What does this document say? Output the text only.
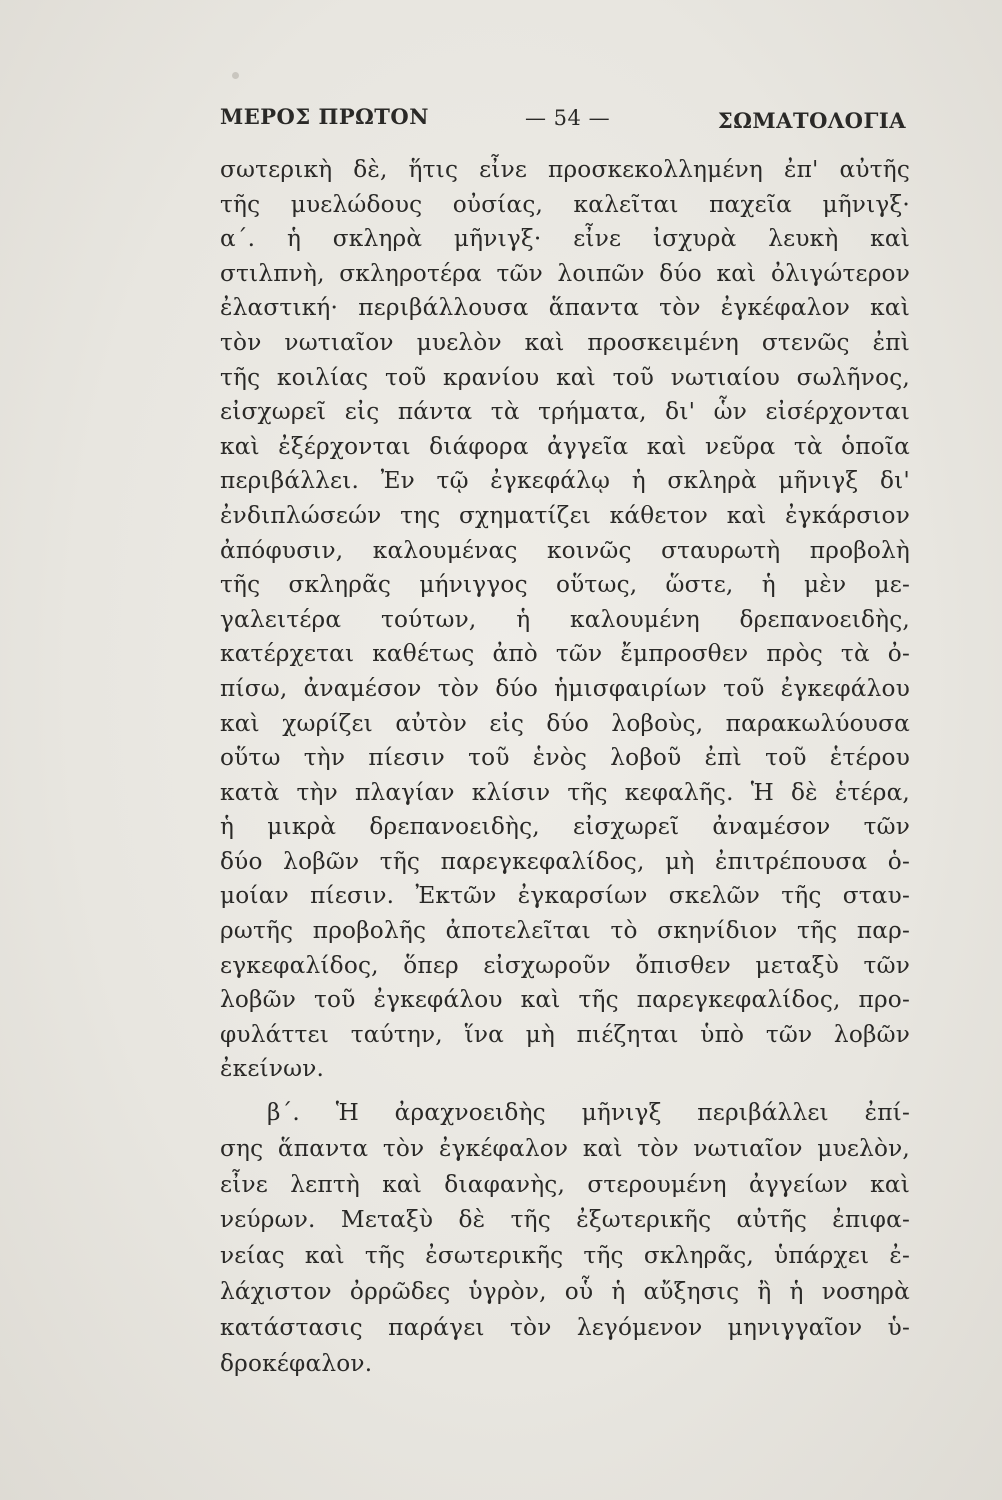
ΜΕΡΟΣ ΠΡΩΤΟΝ	— 54 —	ΣΩΜΑΤΟΛΟΓΙΑ
σωτερικὴ δὲ, ἥτις εἶνε προσκεκολλημένη ἐπ' αὐτῆς
τῆς μυελώδους οὐσίας, καλεῖται παχεῖα μῆνιγξ·
α΄. ἡ σκληρὰ μῆνιγξ· εἶνε ἰσχυρὰ λευκὴ καὶ
στιλπνὴ, σκληροτέρα τῶν λοιπῶν δύο καὶ ὀλιγώτερον
ἐλαστική· περιβάλλουσα ἅπαντα τὸν ἐγκέφαλον καὶ
τὸν νωτιαῖον μυελὸν καὶ προσκειμένη στενῶς ἐπὶ
τῆς κοιλίας τοῦ κρανίου καὶ τοῦ νωτιαίου σωλῆνος,
εἰσχωρεῖ εἰς πάντα τὰ τρήματα, δι' ὧν εἰσέρχονται
καὶ ἐξέρχονται διάφορα ἀγγεῖα καὶ νεῦρα τὰ ὁποῖα
περιβάλλει. Ἐν τῷ ἐγκεφάλῳ ἡ σκληρὰ μῆνιγξ δι'
ἐνδιπλώσεών της σχηματίζει κάθετον καὶ ἐγκάρσιον
ἀπόφυσιν, καλουμένας κοινῶς σταυρωτὴ προβολὴ
τῆς σκληρᾶς μήνιγγος οὕτως, ὥστε, ἡ μὲν με-
γαλειτέρα τούτων, ἡ καλουμένη δρεπανοειδὴς,
κατέρχεται καθέτως ἀπὸ τῶν ἔμπροσθεν πρὸς τὰ ὀ-
πίσω, ἀναμέσον τὸν δύο ἡμισφαιρίων τοῦ ἐγκεφάλου
καὶ χωρίζει αὐτὸν εἰς δύο λοβοὺς, παρακωλύουσα
οὕτω τὴν πίεσιν τοῦ ἑνὸς λοβοῦ ἐπὶ τοῦ ἑτέρου
κατὰ τὴν πλαγίαν κλίσιν τῆς κεφαλῆς. Ἡ δὲ ἑτέρα,
ἡ μικρὰ δρεπανοειδὴς, εἰσχωρεῖ ἀναμέσον τῶν
δύο λοβῶν τῆς παρεγκεφαλίδος, μὴ ἐπιτρέπουσα ὁ-
μοίαν πίεσιν. Ἐκτῶν ἐγκαρσίων σκελῶν τῆς σταυ-
ρωτῆς προβολῆς ἀποτελεῖται τὸ σκηνίδιον τῆς παρ-
εγκεφαλίδος, ὅπερ εἰσχωροῦν ὄπισθεν μεταξὺ τῶν
λοβῶν τοῦ ἐγκεφάλου καὶ τῆς παρεγκεφαλίδος, προ-
φυλάττει ταύτην, ἵνα μὴ πιέζηται ὑπὸ τῶν λοβῶν
ἐκείνων.
β΄. Ἡ ἀραχνοειδὴς μῆνιγξ περιβάλλει ἐπί-
σης ἅπαντα τὸν ἐγκέφαλον καὶ τὸν νωτιαῖον μυελὸν,
εἶνε λεπτὴ καὶ διαφανὴς, στερουμένη ἀγγείων καὶ
νεύρων. Μεταξὺ δὲ τῆς ἐξωτερικῆς αὐτῆς ἐπιφα-
νείας καὶ τῆς ἐσωτερικῆς τῆς σκληρᾶς, ὑπάρχει ἐ-
λάχιστον ὀρρῶδες ὑγρὸν, οὗ ἡ αὔξησις ἢ ἡ νοσηρὰ
κατάστασις παράγει τὸν λεγόμενον μηνιγγαῖον ὑ-
δροκέφαλον.
